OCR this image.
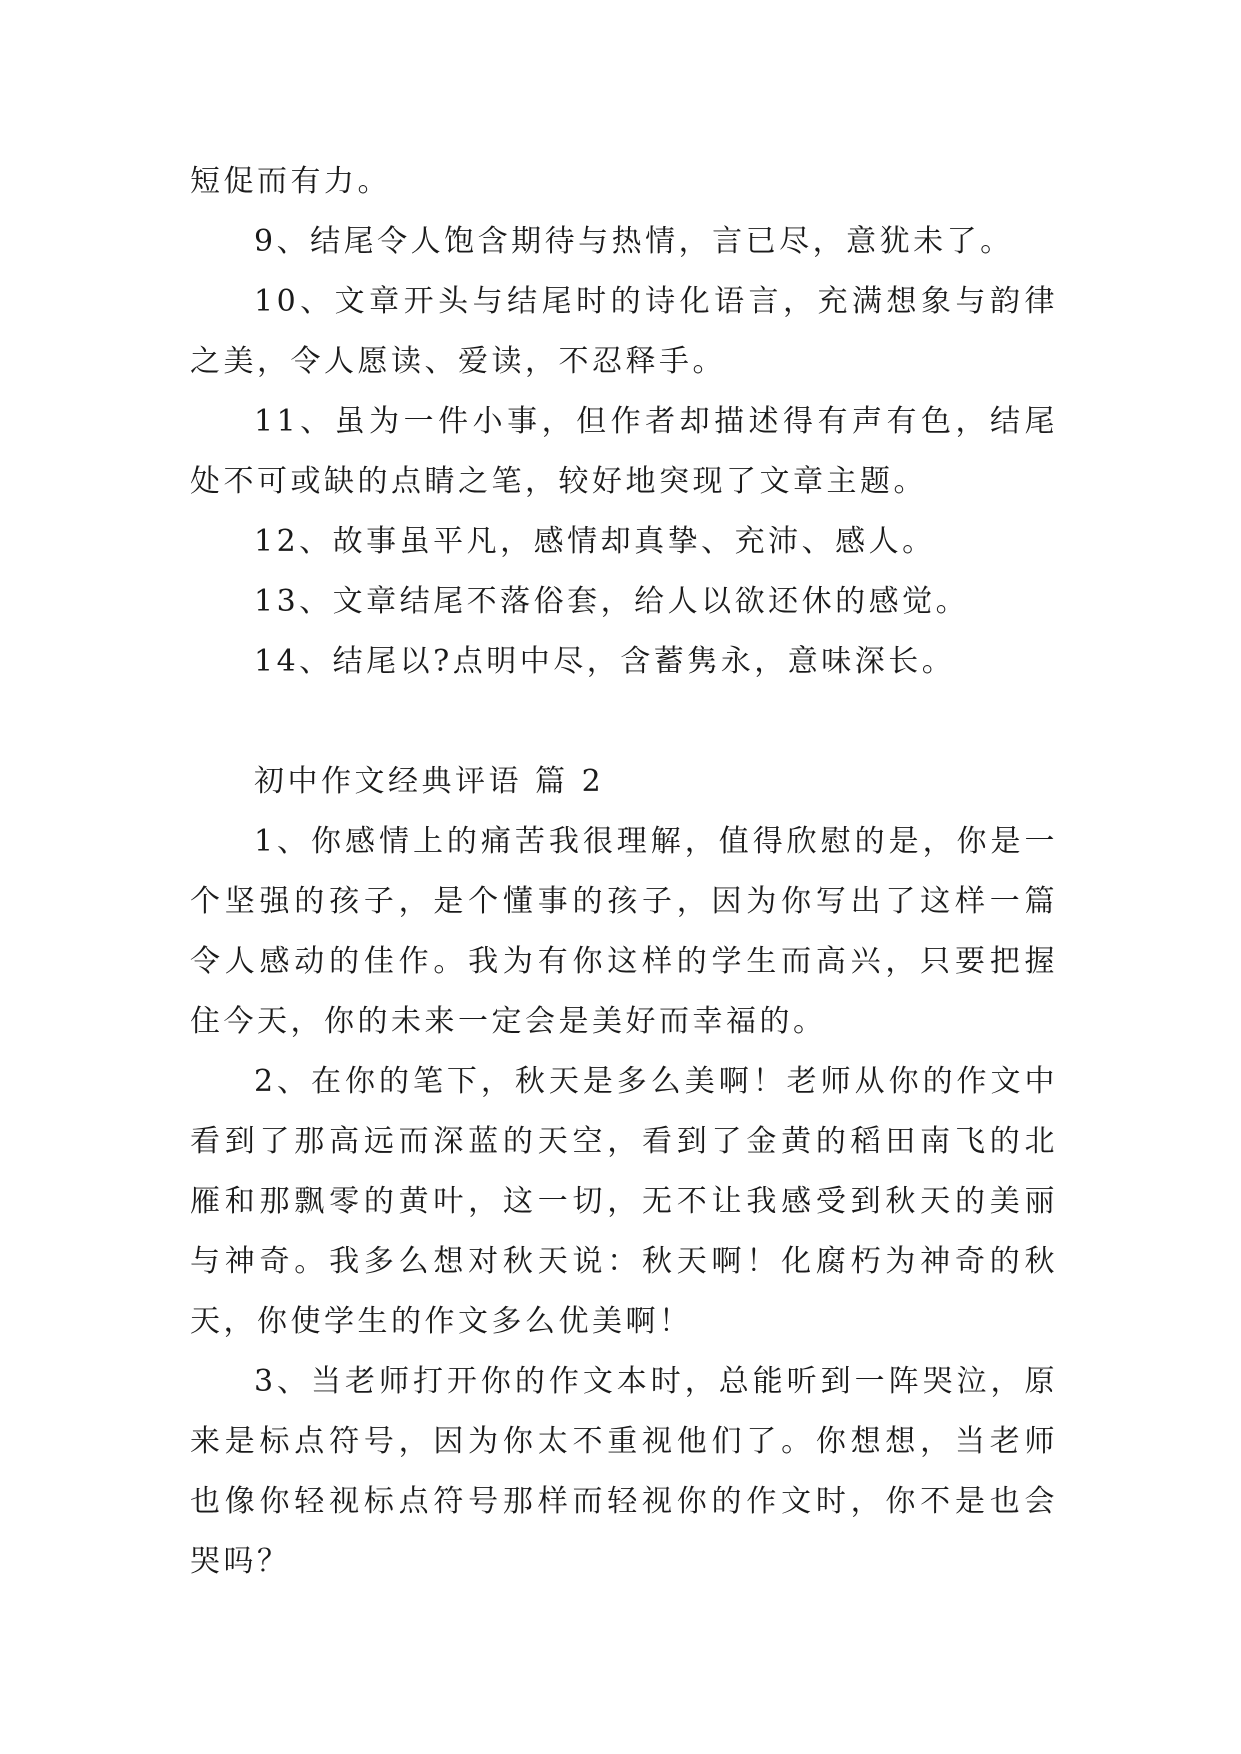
短促而有力。

9、结尾令人饱含期待与热情，言已尽，意犹未了。

10、文章开头与结尾时的诗化语言，充满想象与韵律之美，令人愿读、爱读，不忍释手。

11、虽为一件小事，但作者却描述得有声有色，结尾处不可或缺的点睛之笔，较好地突现了文章主题。

12、故事虽平凡，感情却真挚、充沛、感人。

13、文章结尾不落俗套，给人以欲还休的感觉。

14、结尾以?点明中尽，含蓄隽永，意味深长。

初中作文经典评语 篇 2

1、你感情上的痛苦我很理解，值得欣慰的是，你是一个坚强的孩子，是个懂事的孩子，因为你写出了这样一篇令人感动的佳作。我为有你这样的学生而高兴，只要把握住今天，你的未来一定会是美好而幸福的。

2、在你的笔下，秋天是多么美啊！老师从你的作文中看到了那高远而深蓝的天空，看到了金黄的稻田南飞的北雁和那飘零的黄叶，这一切，无不让我感受到秋天的美丽与神奇。我多么想对秋天说：秋天啊！化腐朽为神奇的秋天，你使学生的作文多么优美啊！

3、当老师打开你的作文本时，总能听到一阵哭泣，原来是标点符号，因为你太不重视他们了。你想想，当老师也像你轻视标点符号那样而轻视你的作文时，你不是也会哭吗？
